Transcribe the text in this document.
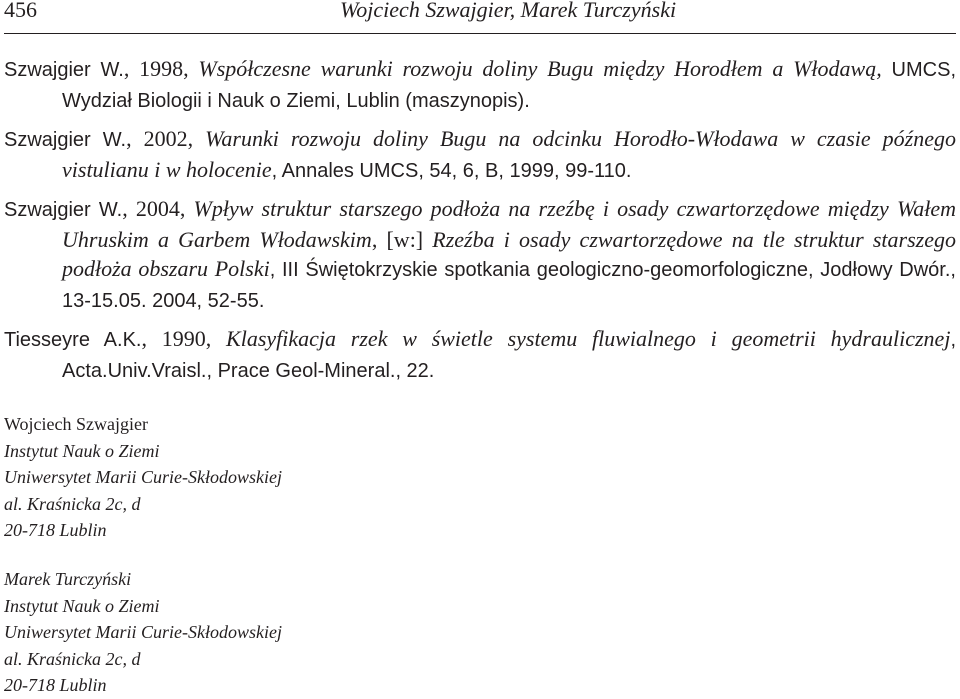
456	Wojciech Szwajgier, Marek Turczyński

Szwajgier W., 1998, Współczesne warunki rozwoju doliny Bugu między Horodłem a Włodawą, UMCS, Wydział Biologii i Nauk o Ziemi, Lublin (maszynopis).

Szwajgier W., 2002, Warunki rozwoju doliny Bugu na odcinku Horodło-Włodawa w czasie późnego vistulianu i w holocenie, Annales UMCS, 54, 6, B, 1999, 99-110.

Szwajgier W., 2004, Wpływ struktur starszego podłoża na rzeźbę i osady czwartorzędowe między Wałem Uhruskim a Garbem Włodawskim, [w:] Rzeźba i osady czwartorzędowe na tle struktur starszego podłoża obszaru Polski, III Świętokrzyskie spotkania geologiczno-geomorfologiczne, Jodłowy Dwór., 13-15.05. 2004, 52-55.

Tiesseyre A.K., 1990, Klasyfikacja rzek w świetle systemu fluwialnego i geometrii hydraulicznej, Acta.Univ.Vraisl., Prace Geol-Mineral., 22.

Wojciech Szwajgier
Instytut Nauk o Ziemi
Uniwersytet Marii Curie-Skłodowskiej
al. Kraśnicka 2c, d
20-718 Lublin
Marek Turczyński
Instytut Nauk o Ziemi
Uniwersytet Marii Curie-Skłodowskiej
al. Kraśnicka 2c, d
20-718 Lublin
